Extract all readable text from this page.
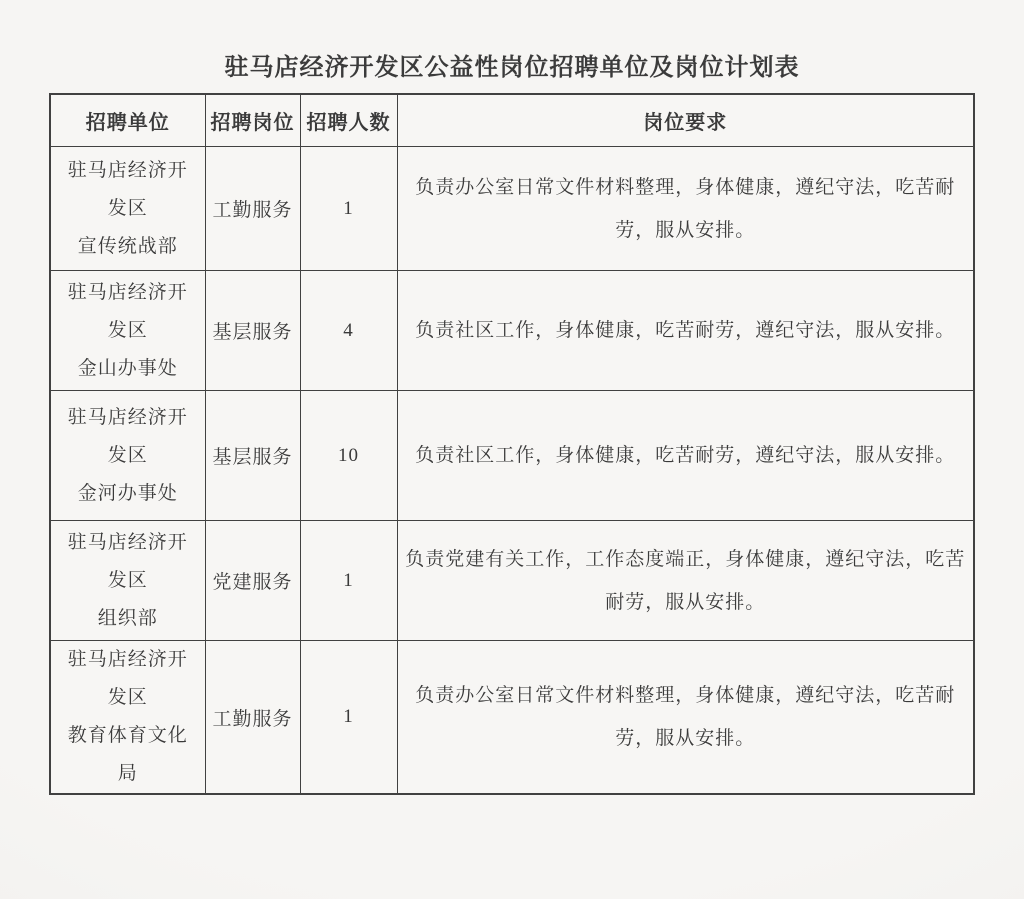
驻马店经济开发区公益性岗位招聘单位及岗位计划表
招聘单位	招聘岗位	招聘人数	岗位要求

驻马店经济开
发区
宣传统战部	工勤服务	1	负责办公室日常文件材料整理，身体健康，遵纪守法，吃苦耐劳，服从安排。

驻马店经济开
发区
金山办事处	基层服务	4	负责社区工作，身体健康，吃苦耐劳，遵纪守法，服从安排。

驻马店经济开
发区
金河办事处	基层服务	10	负责社区工作，身体健康，吃苦耐劳，遵纪守法，服从安排。

驻马店经济开
发区
组织部	党建服务	1	负责党建有关工作，工作态度端正，身体健康，遵纪守法，吃苦耐劳，服从安排。

驻马店经济开
发区
教育体育文化
局	工勤服务	1	负责办公室日常文件材料整理，身体健康，遵纪守法，吃苦耐劳，服从安排。
